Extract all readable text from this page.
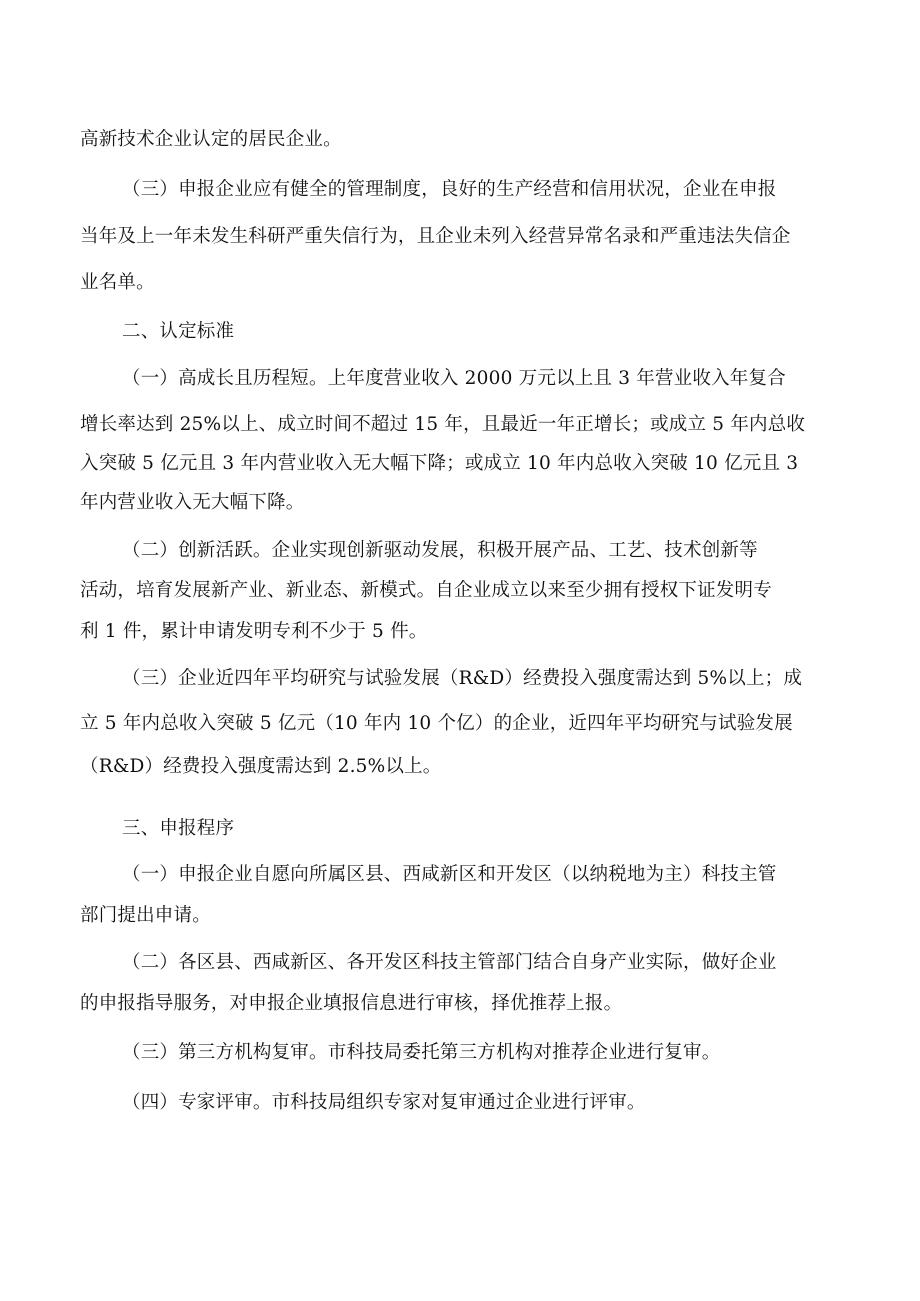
高新技术企业认定的居民企业。
（三）申报企业应有健全的管理制度，良好的生产经营和信用状况，企业在申报
当年及上一年未发生科研严重失信行为，且企业未列入经营异常名录和严重违法失信企
业名单。
二、认定标准
（一）高成长且历程短。上年度营业收入 2000 万元以上且 3 年营业收入年复合
增长率达到 25%以上、成立时间不超过 15 年，且最近一年正增长；或成立 5 年内总收
入突破 5 亿元且 3 年内营业收入无大幅下降；或成立 10 年内总收入突破 10 亿元且 3
年内营业收入无大幅下降。
（二）创新活跃。企业实现创新驱动发展，积极开展产品、工艺、技术创新等
活动，培育发展新产业、新业态、新模式。自企业成立以来至少拥有授权下证发明专
利 1 件，累计申请发明专利不少于 5 件。
（三）企业近四年平均研究与试验发展（R&D）经费投入强度需达到 5%以上；成
立 5 年内总收入突破 5 亿元（10 年内 10 个亿）的企业，近四年平均研究与试验发展
（R&D）经费投入强度需达到 2.5%以上。
三、申报程序
（一）申报企业自愿向所属区县、西咸新区和开发区（以纳税地为主）科技主管
部门提出申请。
（二）各区县、西咸新区、各开发区科技主管部门结合自身产业实际，做好企业
的申报指导服务，对申报企业填报信息进行审核，择优推荐上报。
（三）第三方机构复审。市科技局委托第三方机构对推荐企业进行复审。
（四）专家评审。市科技局组织专家对复审通过企业进行评审。
